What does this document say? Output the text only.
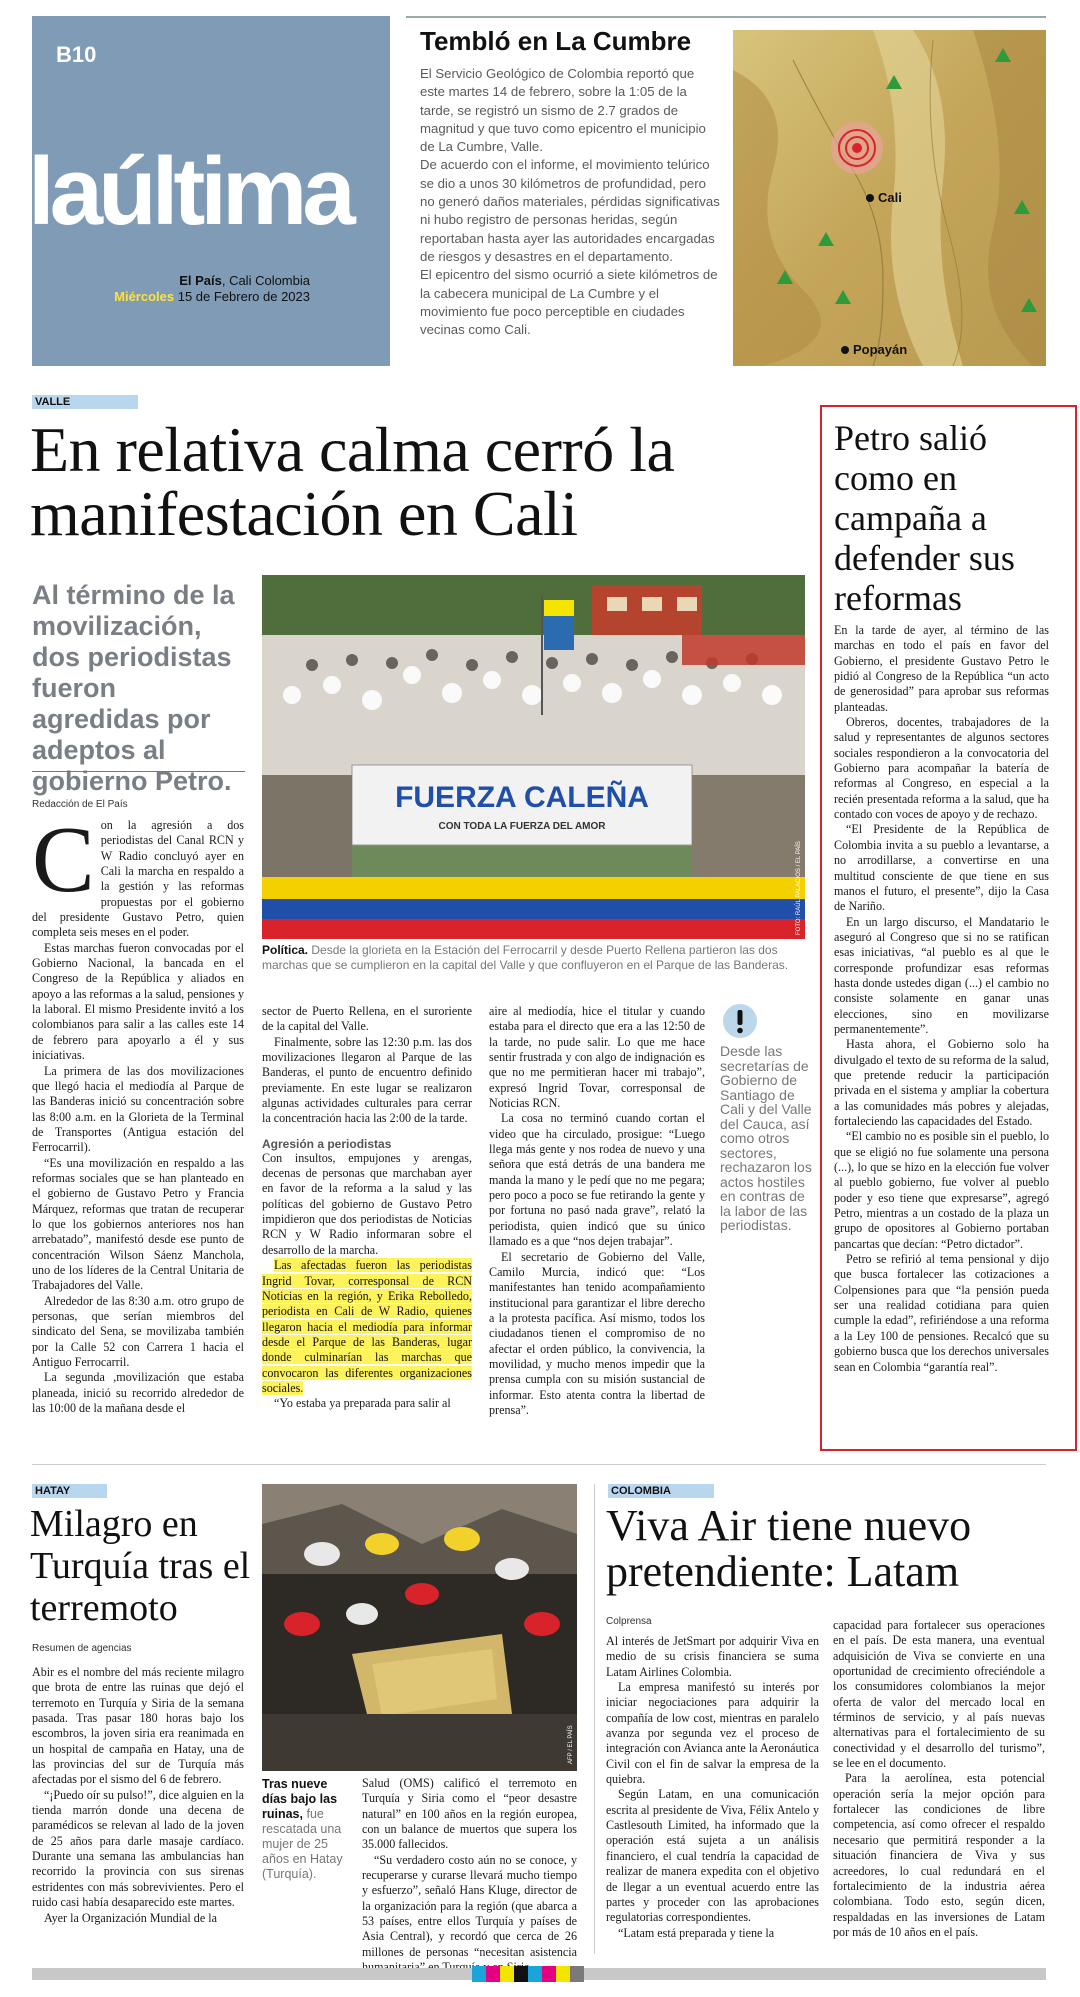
B10
laúltima
El País, Cali Colombia
Miércoles 15 de Febrero de 2023
Tembló en La Cumbre

El Servicio Geológico de Colombia reportó que este martes 14 de febrero, sobre la 1:05 de la tarde, se registró un sismo de 2.7 grados de magnitud y que tuvo como epicentro el municipio de La Cumbre, Valle.

De acuerdo con el informe, el movimiento telúrico se dio a unos 30 kilómetros de profundidad, pero no generó daños materiales, pérdidas significativas ni hubo registro de personas heridas, según reportaban hasta ayer las autoridades encargadas de riesgos y desastres en el departamento.

El epicentro del sismo ocurrió a siete kilómetros de la cabecera municipal de La Cumbre y el movimiento fue poco perceptible en ciudades vecinas como Cali.

Cali
Popayán
VALLE
En relativa calma cerró la manifestación en Cali
Al término de la movilización, dos periodistas fueron agredidas por adeptos al gobierno Petro.
Redacción de El País	FUERZA CALEÑA
CON TODA LA FUERZA DEL AMOR
FOTO: RAÚL PALACIOS / EL PAÍS
Política. Desde la glorieta en la Estación del Ferrocarril y desde Puerto Rellena partieron las dos marchas que se cumplieron en la capital del Valle y que confluyeron en el Parque de las Banderas.

Con la agresión a dos periodistas del Canal RCN y W Radio concluyó ayer en Cali la marcha en respaldo a la gestión y las reformas propuestas por el gobierno del presidente Gustavo Petro, quien completa seis meses en el poder.

Estas marchas fueron convocadas por el Gobierno Nacional, la bancada en el Congreso de la República y aliados en apoyo a las reformas a la salud, pensiones y la laboral. El mismo Presidente invitó a los colombianos para salir a las calles este 14 de febrero para apoyarlo a él y sus iniciativas.

La primera de las dos movilizaciones que llegó hacia el mediodía al Parque de las Banderas inició su concentración sobre las 8:00 a.m. en la Glorieta de la Terminal de Transportes (Antigua estación del Ferrocarril).

“Es una movilización en respaldo a las reformas sociales que se han planteado en el gobierno de Gustavo Petro y Francia Márquez, reformas que tratan de recuperar lo que los gobiernos anteriores nos han arrebatado”, manifestó desde ese punto de concentración Wilson Sáenz Manchola, uno de los líderes de la Central Unitaria de Trabajadores del Valle.

Alrededor de las 8:30 a.m. otro grupo de personas, que serían miembros del sindicato del Sena, se movilizaba también por la Calle 52 con Carrera 1 hacia el Antiguo Ferrocarril.

La segunda ,movilización que estaba planeada, inició su recorrido alrededor de las 10:00 de la mañana desde el

sector de Puerto Rellena, en el suroriente de la capital del Valle.

Finalmente, sobre las 12:30 p.m. las dos movilizaciones llegaron al Parque de las Banderas, el punto de encuentro definido previamente. En este lugar se realizaron algunas actividades culturales para cerrar la concentración hacia las 2:00 de la tarde.

Agresión a periodistas

Con insultos, empujones y arengas, decenas de personas que marchaban ayer en favor de la reforma a la salud y las políticas del gobierno de Gustavo Petro impidieron que dos periodistas de Noticias RCN y W Radio informaran sobre el desarrollo de la marcha.

Las afectadas fueron las periodistas Ingrid Tovar, corresponsal de RCN Noticias en la región, y Erika Rebolledo, periodista en Cali de W Radio, quienes llegaron hacia el mediodía para informar desde el Parque de las Banderas, lugar donde culminarían las marchas que convocaron las diferentes organizaciones sociales.

“Yo estaba ya preparada para salir al

aire al mediodía, hice el titular y cuando estaba para el directo que era a las 12:50 de la tarde, no pude salir. Lo que me hace sentir frustrada y con algo de indignación es que no me permitieran hacer mi trabajo”, expresó Ingrid Tovar, corresponsal de Noticias RCN.

La cosa no terminó cuando cortan el video que ha circulado, prosigue: “Luego llega más gente y nos rodea de nuevo y una señora que está detrás de una bandera me manda la mano y le pedí que no me pegara; pero poco a poco se fue retirando la gente y por fortuna no pasó nada grave”, relató la periodista, quien indicó que su único llamado es a que “nos dejen trabajar”.

El secretario de Gobierno del Valle, Camilo Murcia, indicó que: “Los manifestantes han tenido acompañamiento institucional para garantizar el libre derecho a la protesta pacífica. Así mismo, todos los ciudadanos tienen el compromiso de no afectar el orden público, la convivencia, la movilidad, y mucho menos impedir que la prensa cumpla con su misión sustancial de informar. Esto atenta contra la libertad de prensa”.

Desde las secretarías de Gobierno de Santiago de Cali y del Valle del Cauca, así como otros sectores, rechazaron los actos hostiles en contras de la labor de las periodistas.
Petro salió como en campaña a defender sus reformas

En la tarde de ayer, al término de las marchas en todo el país en favor del Gobierno, el presidente Gustavo Petro le pidió al Congreso de la República “un acto de generosidad” para aprobar sus reformas planteadas.

Obreros, docentes, trabajadores de la salud y representantes de algunos sectores sociales respondieron a la convocatoria del Gobierno para acompañar la batería de reformas al Congreso, en especial a la recién presentada reforma a la salud, que ha contado con voces de apoyo y de rechazo.

“El Presidente de la República de Colombia invita a su pueblo a levantarse, a no arrodillarse, a convertirse en una multitud consciente de que tiene en sus manos el futuro, el presente”, dijo la Casa de Nariño.

En un largo discurso, el Mandatario le aseguró al Congreso que si no se ratifican esas iniciativas, “al pueblo es al que le corresponde profundizar esas reformas hasta donde ustedes digan (...) el cambio no consiste solamente en ganar unas elecciones, sino en movilizarse permanentemente”.

Hasta ahora, el Gobierno solo ha divulgado el texto de su reforma de la salud, que pretende reducir la participación privada en el sistema y ampliar la cobertura a las comunidades más pobres y alejadas, fortaleciendo las capacidades del Estado.

“El cambio no es posible sin el pueblo, lo que se eligió no fue solamente una persona (...), lo que se hizo en la elección fue volver al pueblo gobierno, fue volver al pueblo poder y eso tiene que expresarse”, agregó Petro, mientras a un costado de la plaza un grupo de opositores al Gobierno portaban pancartas que decían: “Petro dictador”.

Petro se refirió al tema pensional y dijo que busca fortalecer las cotizaciones a Colpensiones para que “la pensión pueda ser una realidad cotidiana para quien cumple la edad”, refiriéndose a una reforma a la Ley 100 de pensiones. Recalcó que su gobierno busca que los derechos universales sean en Colombia “garantía real”.

HATAY
Milagro en Turquía tras el terremoto
Resumen de agencias

Abir es el nombre del más reciente milagro que brota de entre las ruinas que dejó el terremoto en Turquía y Siria de la semana pasada. Tras pasar 180 horas bajo los escombros, la joven siria era reanimada en un hospital de campaña en Hatay, una de las provincias del sur de Turquía más afectadas por el sismo del 6 de febrero.

“¡Puedo oír su pulso!”, dice alguien en la tienda marrón donde una decena de paramédicos se relevan al lado de la joven de 25 años para darle masaje cardíaco. Durante una semana las ambulancias han recorrido la provincia con sus sirenas estridentes con más sobrevivientes. Pero el ruido casi había desaparecido este martes.

Ayer la Organización Mundial de la

AFP / EL PAÍS
Tras nueve días bajo las ruinas, fue rescatada una mujer de 25 años en Hatay (Turquía).

Salud (OMS) calificó el terremoto en Turquía y Siria como el “peor desastre natural” en 100 años en la región europea, con un balance de muertos que supera los 35.000 fallecidos.

“Su verdadero costo aún no se conoce, y recuperarse y curarse llevará mucho tiempo y esfuerzo”, señaló Hans Kluge, director de la organización para la región (que abarca a 53 países, entre ellos Turquía y países de Asia Central), y recordó que cerca de 26 millones de personas “necesitan asistencia

COLOMBIA
Viva Air tiene nuevo pretendiente: Latam
Colprensa

Al interés de JetSmart por adquirir Viva en medio de su crisis financiera se suma Latam Airlines Colombia.

La empresa manifestó su interés por iniciar negociaciones para adquirir la compañía de low cost, mientras en paralelo avanza por segunda vez el proceso de integración con Avianca ante la Aeronáutica Civil con el fin de salvar la empresa de la quiebra.

Según Latam, en una comunicación escrita al presidente de Viva, Félix Antelo y Castlesouth Limited, ha informado que la operación está sujeta a un análisis financiero, el cual tendría la capacidad de realizar de manera expedita con el objetivo de llegar a un eventual acuerdo entre las partes y proceder con las aprobaciones regulatorias correspondientes.

“Latam está preparada y tiene la

capacidad para fortalecer sus operaciones en el país. De esta manera, una eventual adquisición de Viva se convierte en una oportunidad de crecimiento ofreciéndole a los consumidores colombianos la mejor oferta de valor del mercado local en términos de servicio, y al país nuevas alternativas para el fortalecimiento de su conectividad y el desarrollo del turismo”, se lee en el documento.

Para la aerolínea, esta potencial operación sería la mejor opción para fortalecer las condiciones de libre competencia, así como ofrecer el respaldo necesario que permitirá responder a la situación financiera de Viva y sus acreedores, lo cual redundará en el fortalecimiento de la industria aérea colombiana. Todo esto, según dicen, respaldadas en las inversiones de Latam por más de 10 años en el país.
